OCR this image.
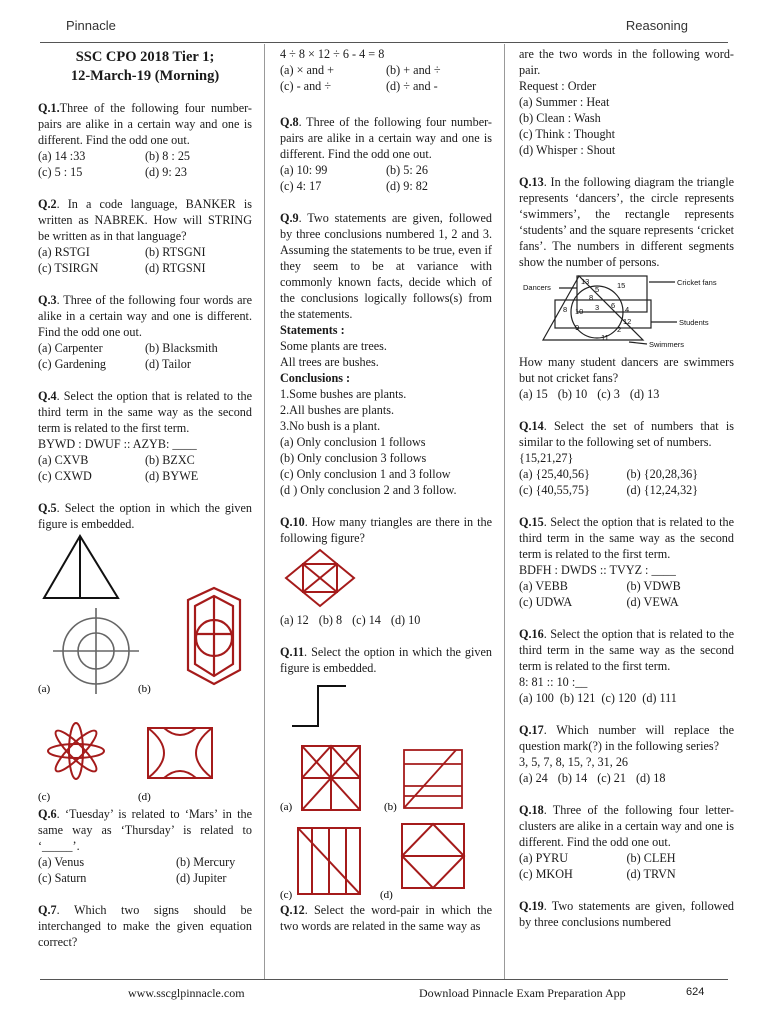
Pinnacle	Reasoning
SSC CPO 2018 Tier 1;
12-March-19 (Morning)

Q.1.Three of the following four number-pairs are alike in a certain way and one is different. Find the odd one out.

(a) 14 :33	(b) 8 : 25
(c) 5 : 15	(d) 9: 23

Q.2. In a code language, BANKER is written as NABREK. How will STRING be written as in that language?

(a) RSTGI	(b) RTSGNI
(c) TSIRGN	(d) RTGSNI

Q.3. Three of the following four words are alike in a certain way and one is different. Find the odd one out.

(a) Carpenter	(b) Blacksmith
(c) Gardening	(d) Tailor

Q.4. Select the option that is related to the third term in the same way as the second term is related to the first term.

BYWD : DWUF :: AZYB: ____

(a) CXVB	(b) BZXC
(c) CXWD	(d) BYWE

Q.5. Select the option in which the given figure is embedded.

(a)	(b)
(c)	(d)

Q.6. ‘Tuesday’ is related to ‘Mars’ in the same way as ‘Thursday’ is related to ‘_____’.

(a) Venus	(b) Mercury
(c) Saturn	(d) Jupiter

Q.7. Which two signs should be interchanged to make the given equation correct?

4 ÷ 8 × 12 ÷ 6 - 4 = 8

(a) × and +	(b) + and ÷
(c) - and ÷	(d) ÷ and -

Q.8. Three of the following four number-pairs are alike in a certain way and one is different. Find the odd one out.

(a) 10: 99	(b) 5: 26
(c) 4: 17	(d) 9: 82

Q.9. Two statements are given, followed by three conclusions numbered 1, 2 and 3. Assuming the statements to be true, even if they seem to be at variance with commonly known facts, decide which of the conclusions logically follows(s) from the statements.

Statements :

Some plants are trees.

All trees are bushes.

Conclusions :

1.Some bushes are plants.

2.All bushes are plants.

3.No bush is a plant.

(a) Only conclusion 1 follows

(b) Only conclusion 3 follows

(c) Only conclusion 1 and 3 follow

(d ) Only conclusion 2 and 3 follow.

Q.10. How many triangles are there in the following figure?

(a) 12 (b) 8 (c) 14 (d) 10

Q.11. Select the option in which the given figure is embedded.

(a)	(b)
(c)	(d)

Q.12. Select the word-pair in which the two words are related in the same way as

are the two words in the following word-pair.

Request : Order

(a) Summer : Heat

(b) Clean : Wash

(c) Think : Thought

(d) Whisper : Shout

Q.13. In the following diagram the triangle represents ‘dancers’, the circle represents ‘swimmers’, the rectangle represents ‘students’ and the square represents ‘cricket fans’. The numbers in different segments show the number of persons.

Dancers
Cricket fans
Students
Swimmers
13	15
5
8
8 10 3 6 4
12
9
11
2

How many student dancers are swimmers but not cricket fans?

(a) 15 (b) 10 (c) 3 (d) 13

Q.14. Select the set of numbers that is similar to the following set of numbers.

{15,21,27}

(a) {25,40,56}	(b) {20,28,36}
(c) {40,55,75}	(d) {12,24,32}

Q.15. Select the option that is related to the third term in the same way as the second term is related to the first term.

BDFH : DWDS :: TVYZ : ____

(a) VEBB	(b) VDWB
(c) UDWA	(d) VEWA

Q.16. Select the option that is related to the third term in the same way as the second term is related to the first term.

8: 81 :: 10 :__

(a) 100 (b) 121 (c) 120 (d) 111

Q.17. Which number will replace the question mark(?) in the following series?

3, 5, 7, 8, 15, ?, 31, 26

(a) 24 (b) 14 (c) 21 (d) 18

Q.18. Three of the following four letter-clusters are alike in a certain way and one is different. Find the odd one out.

(a) PYRU	(b) CLEH
(c) MKOH	(d) TRVN

Q.19. Two statements are given, followed by three conclusions numbered

www.sscglpinnacle.com	Download Pinnacle Exam Preparation App	624
